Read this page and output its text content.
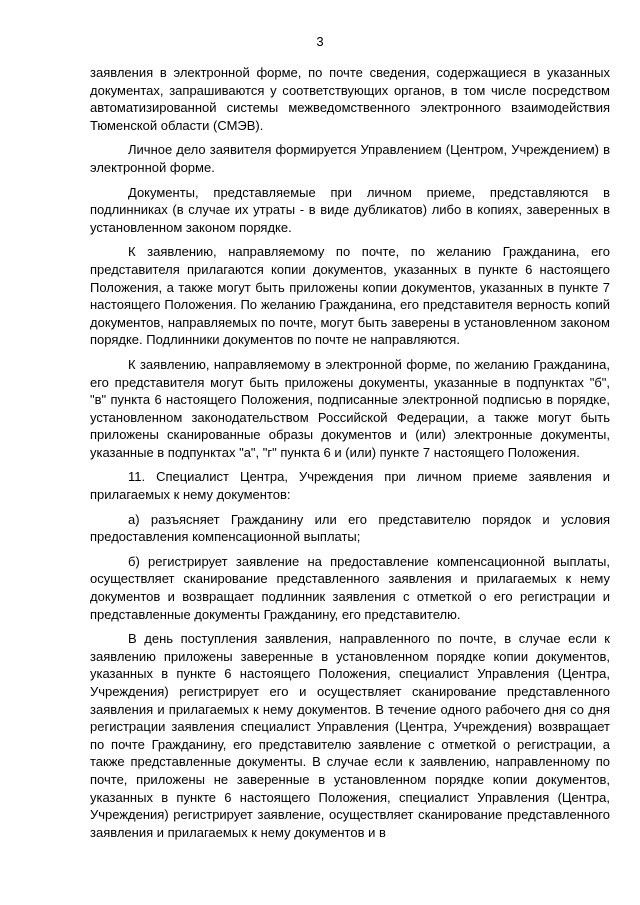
3

заявления в электронной форме, по почте сведения, содержащиеся в указанных документах, запрашиваются у соответствующих органов, в том числе посредством автоматизированной системы межведомственного электронного взаимодействия Тюменской области (СМЭВ).

Личное дело заявителя формируется Управлением (Центром, Учреждением) в электронной форме.

Документы, представляемые при личном приеме, представляются в подлинниках (в случае их утраты - в виде дубликатов) либо в копиях, заверенных в установленном законом порядке.

К заявлению, направляемому по почте, по желанию Гражданина, его представителя прилагаются копии документов, указанных в пункте 6 настоящего Положения, а также могут быть приложены копии документов, указанных в пункте 7 настоящего Положения. По желанию Гражданина, его представителя верность копий документов, направляемых по почте, могут быть заверены в установленном законом порядке. Подлинники документов по почте не направляются.

К заявлению, направляемому в электронной форме, по желанию Гражданина, его представителя могут быть приложены документы, указанные в подпунктах "б", "в" пункта 6 настоящего Положения, подписанные электронной подписью в порядке, установленном законодательством Российской Федерации, а также могут быть приложены сканированные образы документов и (или) электронные документы, указанные в подпунктах "а", "г" пункта 6 и (или) пункте 7 настоящего Положения.

11. Специалист Центра, Учреждения при личном приеме заявления и прилагаемых к нему документов:

а) разъясняет Гражданину или его представителю порядок и условия предоставления компенсационной выплаты;

б) регистрирует заявление на предоставление компенсационной выплаты, осуществляет сканирование представленного заявления и прилагаемых к нему документов и возвращает подлинник заявления с отметкой о его регистрации и представленные документы Гражданину, его представителю.

В день поступления заявления, направленного по почте, в случае если к заявлению приложены заверенные в установленном порядке копии документов, указанных в пункте 6 настоящего Положения, специалист Управления (Центра, Учреждения) регистрирует его и осуществляет сканирование представленного заявления и прилагаемых к нему документов. В течение одного рабочего дня со дня регистрации заявления специалист Управления (Центра, Учреждения) возвращает по почте Гражданину, его представителю заявление с отметкой о регистрации, а также представленные документы. В случае если к заявлению, направленному по почте, приложены не заверенные в установленном порядке копии документов, указанных в пункте 6 настоящего Положения, специалист Управления (Центра, Учреждения) регистрирует заявление, осуществляет сканирование представленного заявления и прилагаемых к нему документов и в
